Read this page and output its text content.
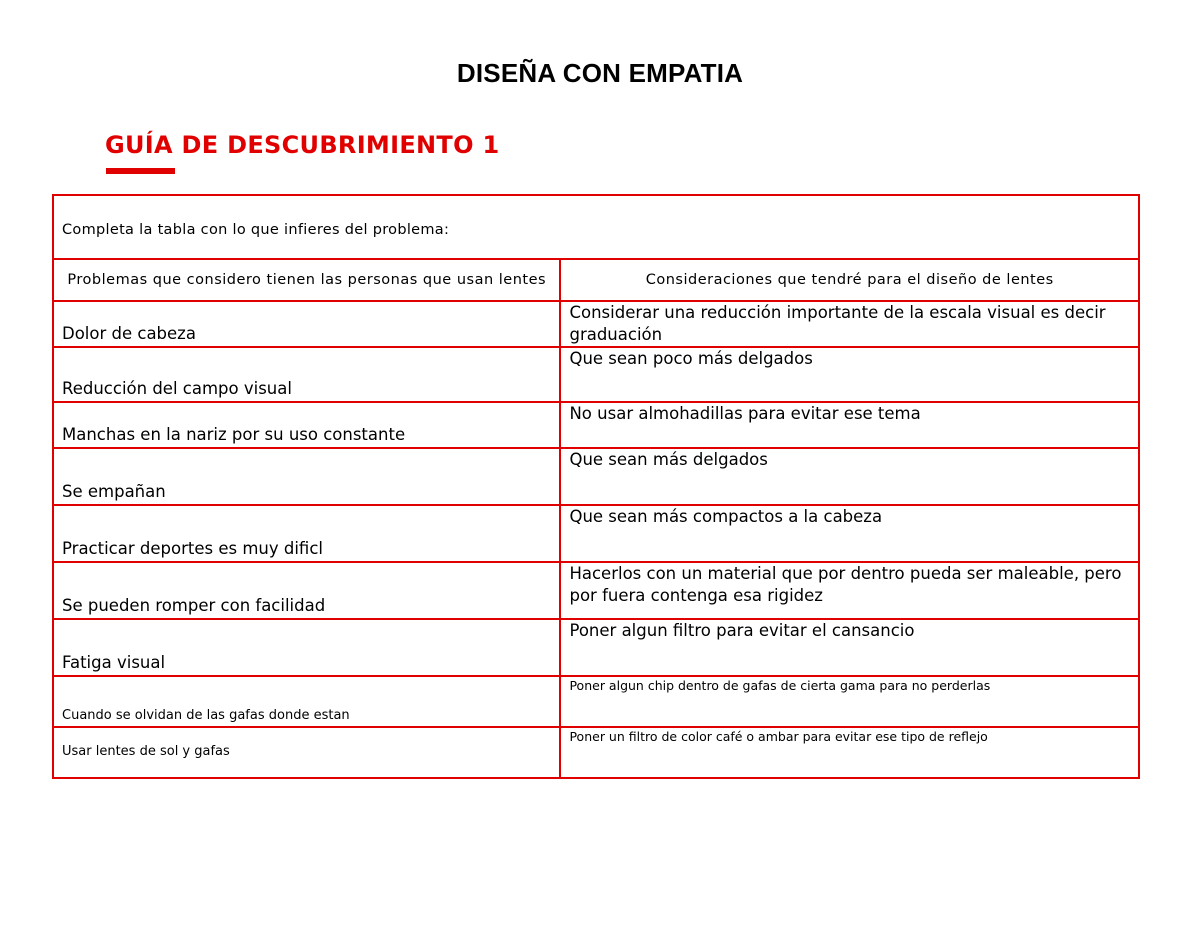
DISEÑA CON EMPATIA
GUÍA DE DESCUBRIMIENTO 1
Completa la tabla con lo que infieres del problema:	
Problemas que considero tienen las personas que usan lentes	Consideraciones que tendré para el diseño de lentes
Dolor de cabeza	Considerar una reducción importante de la escala visual es decir graduación
Reducción del campo visual	Que sean poco más delgados
Manchas en la nariz por su uso constante	No usar almohadillas para evitar ese tema
Se empañan	Que sean más delgados
Practicar deportes es muy dificl	Que sean más compactos a la cabeza
Se pueden romper con facilidad	Hacerlos con un material que por dentro pueda ser maleable, pero por fuera contenga esa rigidez
Fatiga visual	Poner algun filtro para evitar el cansancio
Cuando se olvidan de las gafas donde estan	Poner algun chip dentro de gafas de cierta gama para no perderlas
Usar lentes de sol y gafas	Poner un filtro de color café o ambar para evitar ese tipo de reflejo
